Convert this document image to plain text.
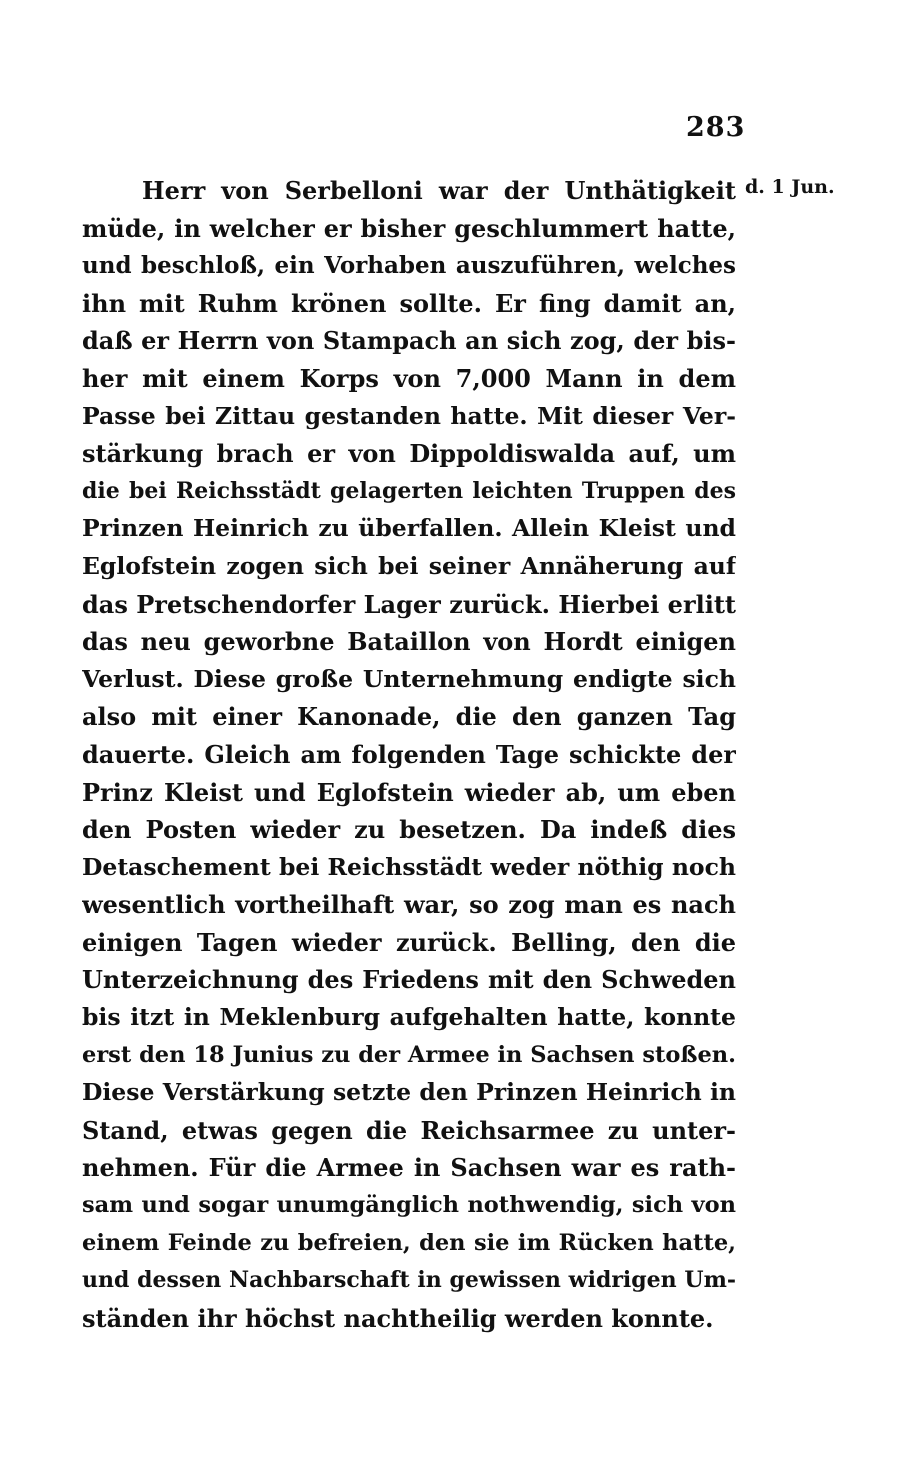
283
d. 1 Jun.
Herr von Serbelloni war der Unthätigkeit
müde, in welcher er bisher geschlummert hatte,
und beschloß, ein Vorhaben auszuführen, welches
ihn mit Ruhm krönen sollte. Er fing damit an,
daß er Herrn von Stampach an sich zog, der bis-
her mit einem Korps von 7,000 Mann in dem
Passe bei Zittau gestanden hatte. Mit dieser Ver-
stärkung brach er von Dippoldiswalda auf, um
die bei Reichsstädt gelagerten leichten Truppen des
Prinzen Heinrich zu überfallen. Allein Kleist und
Eglofstein zogen sich bei seiner Annäherung auf
das Pretschendorfer Lager zurück. Hierbei erlitt
das neu geworbne Bataillon von Hordt einigen
Verlust. Diese große Unternehmung endigte sich
also mit einer Kanonade, die den ganzen Tag
dauerte. Gleich am folgenden Tage schickte der
Prinz Kleist und Eglofstein wieder ab, um eben
den Posten wieder zu besetzen. Da indeß dies
Detaschement bei Reichsstädt weder nöthig noch
wesentlich vortheilhaft war, so zog man es nach
einigen Tagen wieder zurück. Belling, den die
Unterzeichnung des Friedens mit den Schweden
bis itzt in Meklenburg aufgehalten hatte, konnte
erst den 18 Junius zu der Armee in Sachsen stoßen.
Diese Verstärkung setzte den Prinzen Heinrich in
Stand, etwas gegen die Reichsarmee zu unter-
nehmen. Für die Armee in Sachsen war es rath-
sam und sogar unumgänglich nothwendig, sich von
einem Feinde zu befreien, den sie im Rücken hatte,
und dessen Nachbarschaft in gewissen widrigen Um-
ständen ihr höchst nachtheilig werden konnte.
